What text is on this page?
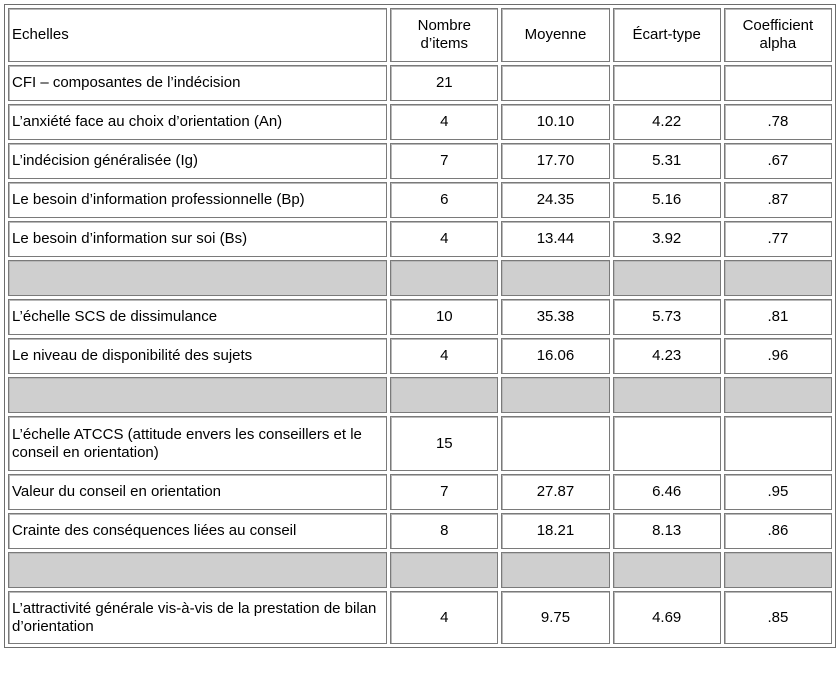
Echelles	Nombre d’items	Moyenne	Écart-type	Coefficient alpha
CFI – composantes de l’indécision	21			
L’anxiété face au choix d’orientation (An)	4	10.10	4.22	.78
L’indécision généralisée (Ig)	7	17.70	5.31	.67
Le besoin d’information professionnelle (Bp)	6	24.35	5.16	.87
Le besoin d’information sur soi (Bs)	4	13.44	3.92	.77

L’échelle SCS de dissimulance	10	35.38	5.73	.81
Le niveau de disponibilité des sujets	4	16.06	4.23	.96

L’échelle ATCCS (attitude envers les conseillers et le conseil en orientation)	15			
Valeur du conseil en orientation	7	27.87	6.46	.95
Crainte des conséquences liées au conseil	8	18.21	8.13	.86

L’attractivité générale vis-à-vis de la prestation de bilan d’orientation	4	9.75	4.69	.85
